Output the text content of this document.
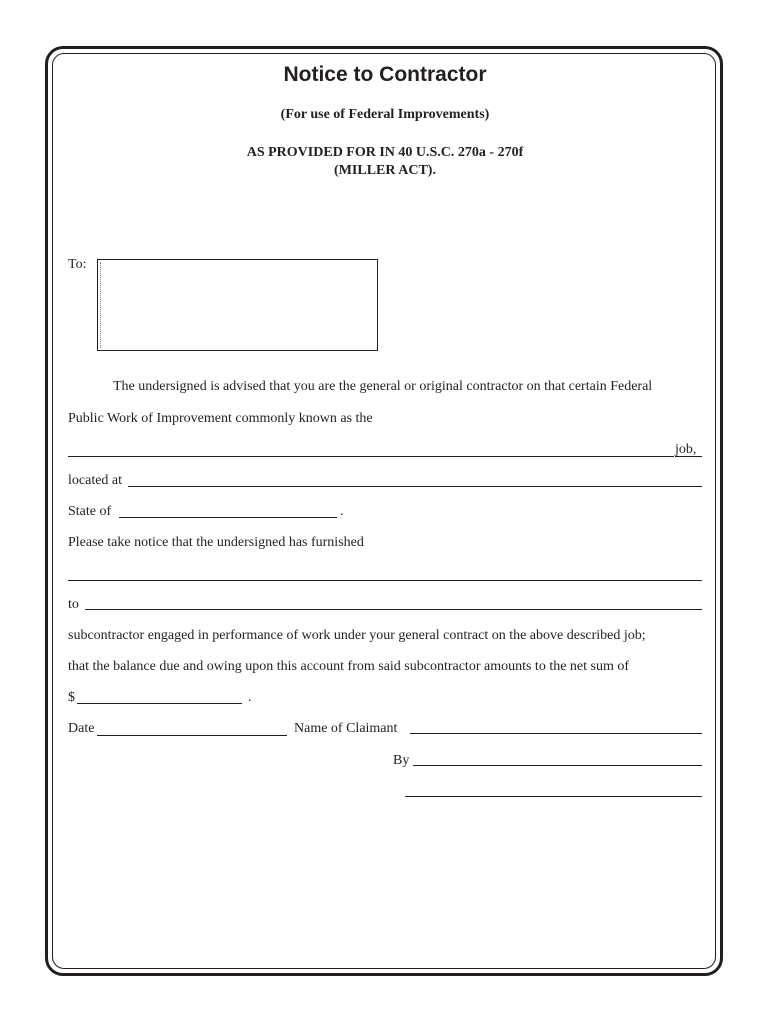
Notice to Contractor
(For use of Federal Improvements)
AS PROVIDED FOR IN 40 U.S.C. 270a - 270f
(MILLER ACT).
To:
The undersigned is advised that you are the general or original contractor on that certain Federal
Public Work of Improvement commonly known as the
job,
located at
State of	.
Please take notice that the undersigned has furnished
to
subcontractor engaged in performance of work under your general contract on the above described job;
that the balance due and owing upon this account from said subcontractor amounts to the net sum of
$	.
Date	Name of Claimant
By
